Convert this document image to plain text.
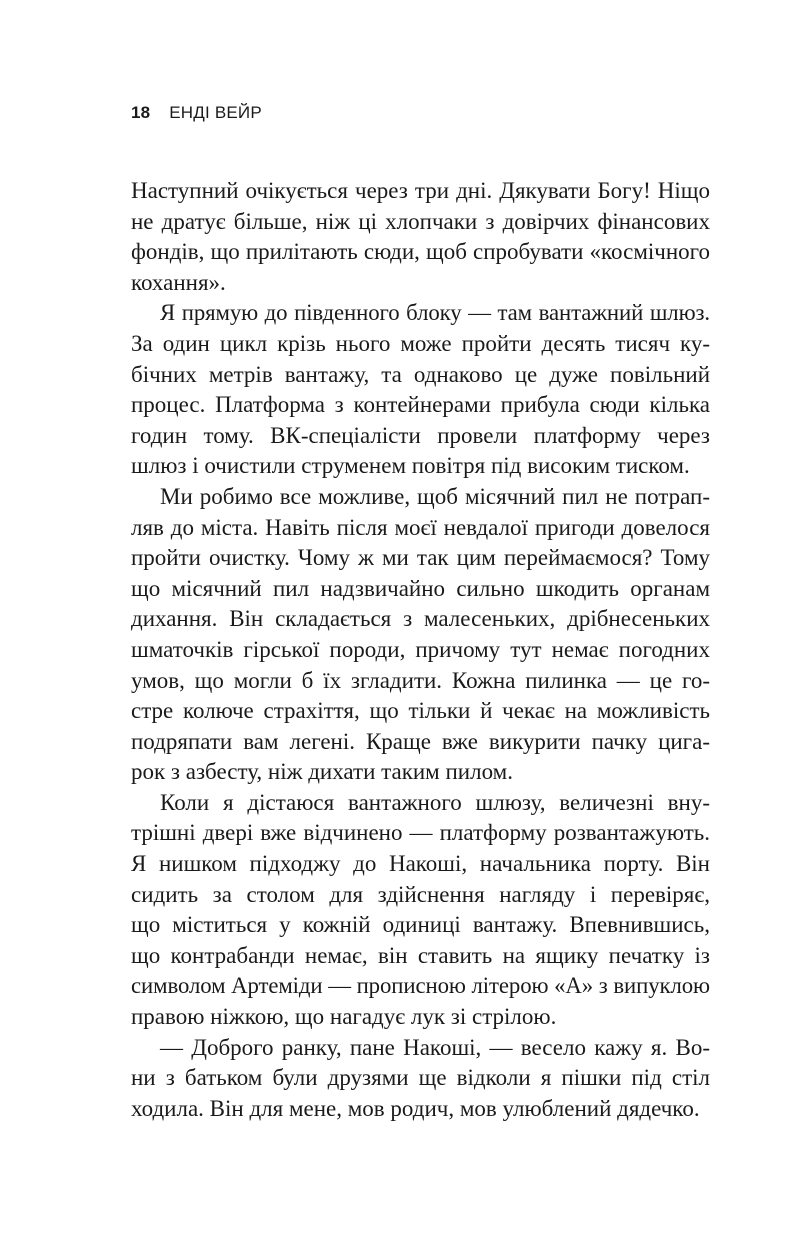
18 ЕНДІ ВЕЙР
Наступний очікується через три дні. Дякувати Богу! Ніщо
не дратує більше, ніж ці хлопчаки з довірчих фінансових
фондів, що прилітають сюди, щоб спробувати «космічного
кохання».
Я прямую до південного блоку — там вантажний шлюз.
За один цикл крізь нього може пройти десять тисяч ку-
бічних метрів вантажу, та однаково це дуже повільний
процес. Платформа з контейнерами прибула сюди кілька
годин тому. ВК-спеціалісти провели платформу через
шлюз і очистили струменем повітря під високим тиском.
Ми робимо все можливе, щоб місячний пил не потрап-
ляв до міста. Навіть після моєї невдалої пригоди довелося
пройти очистку. Чому ж ми так цим переймаємося? Тому
що місячний пил надзвичайно сильно шкодить органам
дихання. Він складається з малесеньких, дрібнесеньких
шматочків гірської породи, причому тут немає погодних
умов, що могли б їх згладити. Кожна пилинка — це го-
стре колюче страхіття, що тільки й чекає на можливість
подряпати вам легені. Краще вже викурити пачку цига-
рок з азбесту, ніж дихати таким пилом.
Коли я дістаюся вантажного шлюзу, величезні вну-
трішні двері вже відчинено — платформу розвантажують.
Я нишком підходжу до Накоші, начальника порту. Він
сидить за столом для здійснення нагляду і перевіряє,
що міститься у кожній одиниці вантажу. Впевнившись,
що контрабанди немає, він ставить на ящику печатку із
символом Артеміди — прописною літерою «А» з випуклою
правою ніжкою, що нагадує лук зі стрілою.
— Доброго ранку, пане Накоші, — весело кажу я. Во-
ни з батьком були друзями ще відколи я пішки під стіл
ходила. Він для мене, мов родич, мов улюблений дядечко.
